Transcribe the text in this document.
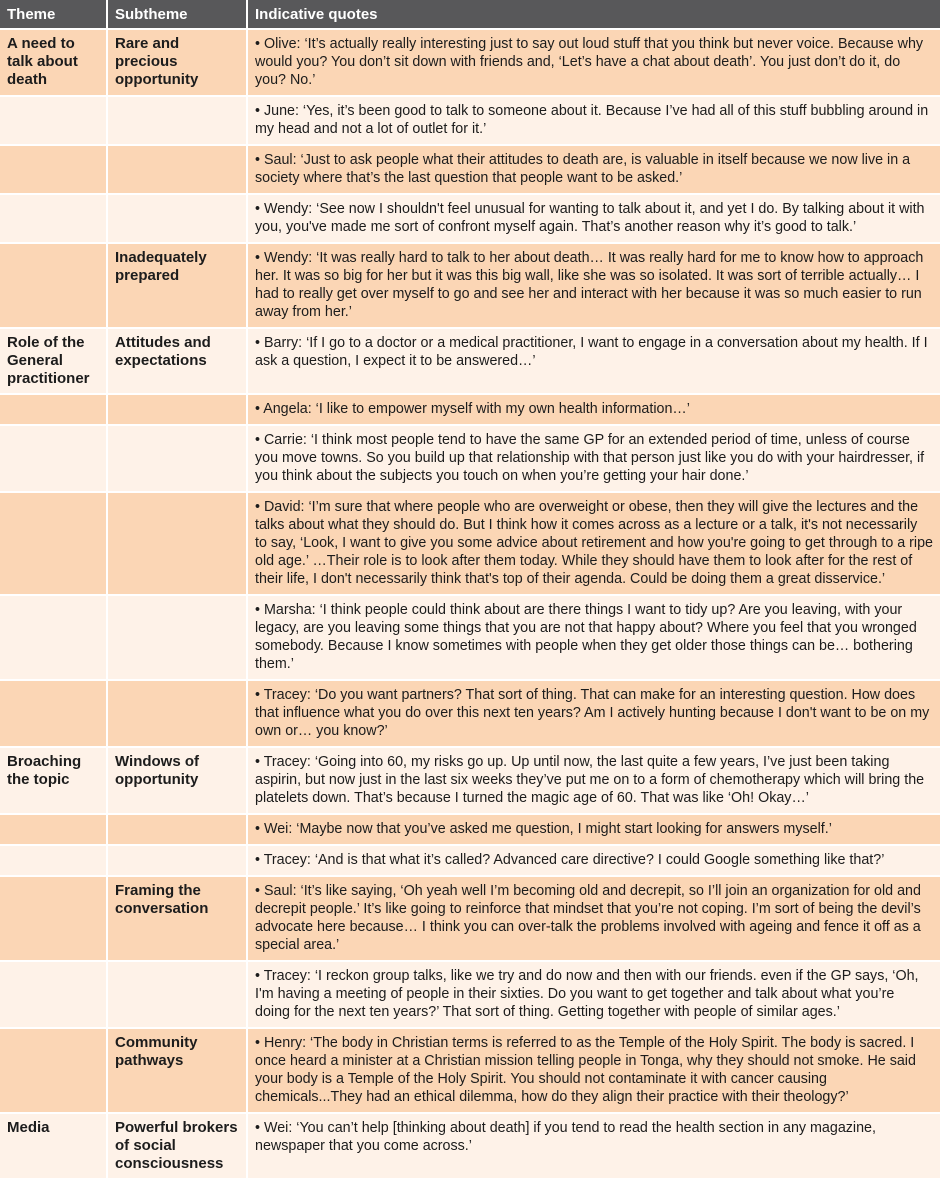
Theme	Subtheme	Indicative quotes
A need to talk about death	Rare and precious opportunity	• Olive: ‘It’s actually really interesting just to say out loud stuff that you think but never voice. Because why would you? You don’t sit down with friends and, ‘Let’s have a chat about death’. You just don’t do it, do you? No.’
		• June: ‘Yes, it’s been good to talk to someone about it. Because I’ve had all of this stuff bubbling around in my head and not a lot of outlet for it.’
		• Saul: ‘Just to ask people what their attitudes to death are, is valuable in itself because we now live in a society where that’s the last question that people want to be asked.’
		• Wendy: ‘See now I shouldn't feel unusual for wanting to talk about it, and yet I do. By talking about it with you, you've made me sort of confront myself again. That’s another reason why it’s good to talk.’
	Inadequately prepared	• Wendy: ‘It was really hard to talk to her about death… It was really hard for me to know how to approach her. It was so big for her but it was this big wall, like she was so isolated. It was sort of terrible actually… I had to really get over myself to go and see her and interact with her because it was so much easier to run away from her.’
Role of the General practitioner	Attitudes and expectations	• Barry: ‘If I go to a doctor or a medical practitioner, I want to engage in a conversation about my health. If I ask a question, I expect it to be answered…’
		• Angela: ‘I like to empower myself with my own health information…’
		• Carrie: ‘I think most people tend to have the same GP for an extended period of time, unless of course you move towns. So you build up that relationship with that person just like you do with your hairdresser, if you think about the subjects you touch on when you’re getting your hair done.’
		• David: ‘I’m sure that where people who are overweight or obese, then they will give the lectures and the talks about what they should do. But I think how it comes across as a lecture or a talk, it's not necessarily to say, ‘Look, I want to give you some advice about retirement and how you're going to get through to a ripe old age.’ …Their role is to look after them today. While they should have them to look after for the rest of their life, I don't necessarily think that's top of their agenda. Could be doing them a great disservice.’
		• Marsha: ‘I think people could think about are there things I want to tidy up? Are you leaving, with your legacy, are you leaving some things that you are not that happy about? Where you feel that you wronged somebody. Because I know sometimes with people when they get older those things can be… bothering them.’
		• Tracey: ‘Do you want partners? That sort of thing. That can make for an interesting question. How does that influence what you do over this next ten years? Am I actively hunting because I don't want to be on my own or… you know?’
Broaching the topic	Windows of opportunity	• Tracey: ‘Going into 60, my risks go up. Up until now, the last quite a few years, I’ve just been taking aspirin, but now just in the last six weeks they’ve put me on to a form of chemotherapy which will bring the platelets down. That’s because I turned the magic age of 60. That was like ‘Oh! Okay…’
		• Wei: ‘Maybe now that you’ve asked me question, I might start looking for answers myself.’
		• Tracey: ‘And is that what it’s called? Advanced care directive? I could Google something like that?’
	Framing the conversation	• Saul: ‘It’s like saying, ‘Oh yeah well I’m becoming old and decrepit, so I’ll join an organization for old and decrepit people.’ It’s like going to reinforce that mindset that you’re not coping. I’m sort of being the devil’s advocate here because… I think you can over-talk the problems involved with ageing and fence it off as a special area.’
		• Tracey: ‘I reckon group talks, like we try and do now and then with our friends. even if the GP says, ‘Oh, I'm having a meeting of people in their sixties. Do you want to get together and talk about what you’re doing for the next ten years?’ That sort of thing. Getting together with people of similar ages.’
	Community pathways	• Henry: ‘The body in Christian terms is referred to as the Temple of the Holy Spirit. The body is sacred. I once heard a minister at a Christian mission telling people in Tonga, why they should not smoke. He said your body is a Temple of the Holy Spirit. You should not contaminate it with cancer causing chemicals...They had an ethical dilemma, how do they align their practice with their theology?’
Media	Powerful brokers of social consciousness	• Wei: ‘You can’t help [thinking about death] if you tend to read the health section in any magazine, newspaper that you come across.’
